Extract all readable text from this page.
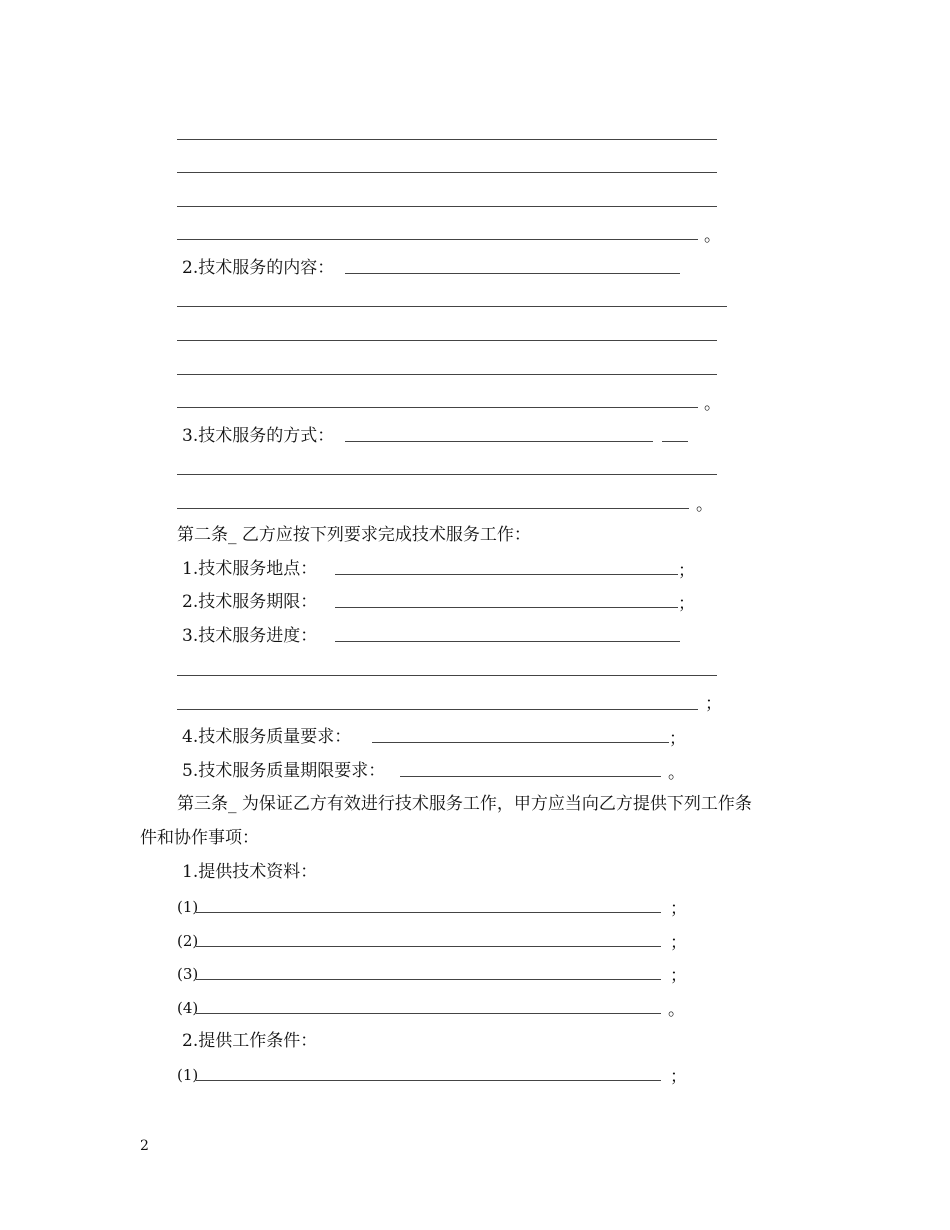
。
2.技术服务的内容：
。
3.技术服务的方式：
。
第二条_ 乙方应按下列要求完成技术服务工作：
1.技术服务地点：	；
2.技术服务期限：	；
3.技术服务进度：
；
4.技术服务质量要求：	；
5.技术服务质量期限要求：	。
第三条_ 为保证乙方有效进行技术服务工作，甲方应当向乙方提供下列工作条
件和协作事项：
1.提供技术资料：
(1)	；
(2)	；
(3)	；
(4)	。
2.提供工作条件：
(1)	；
2
